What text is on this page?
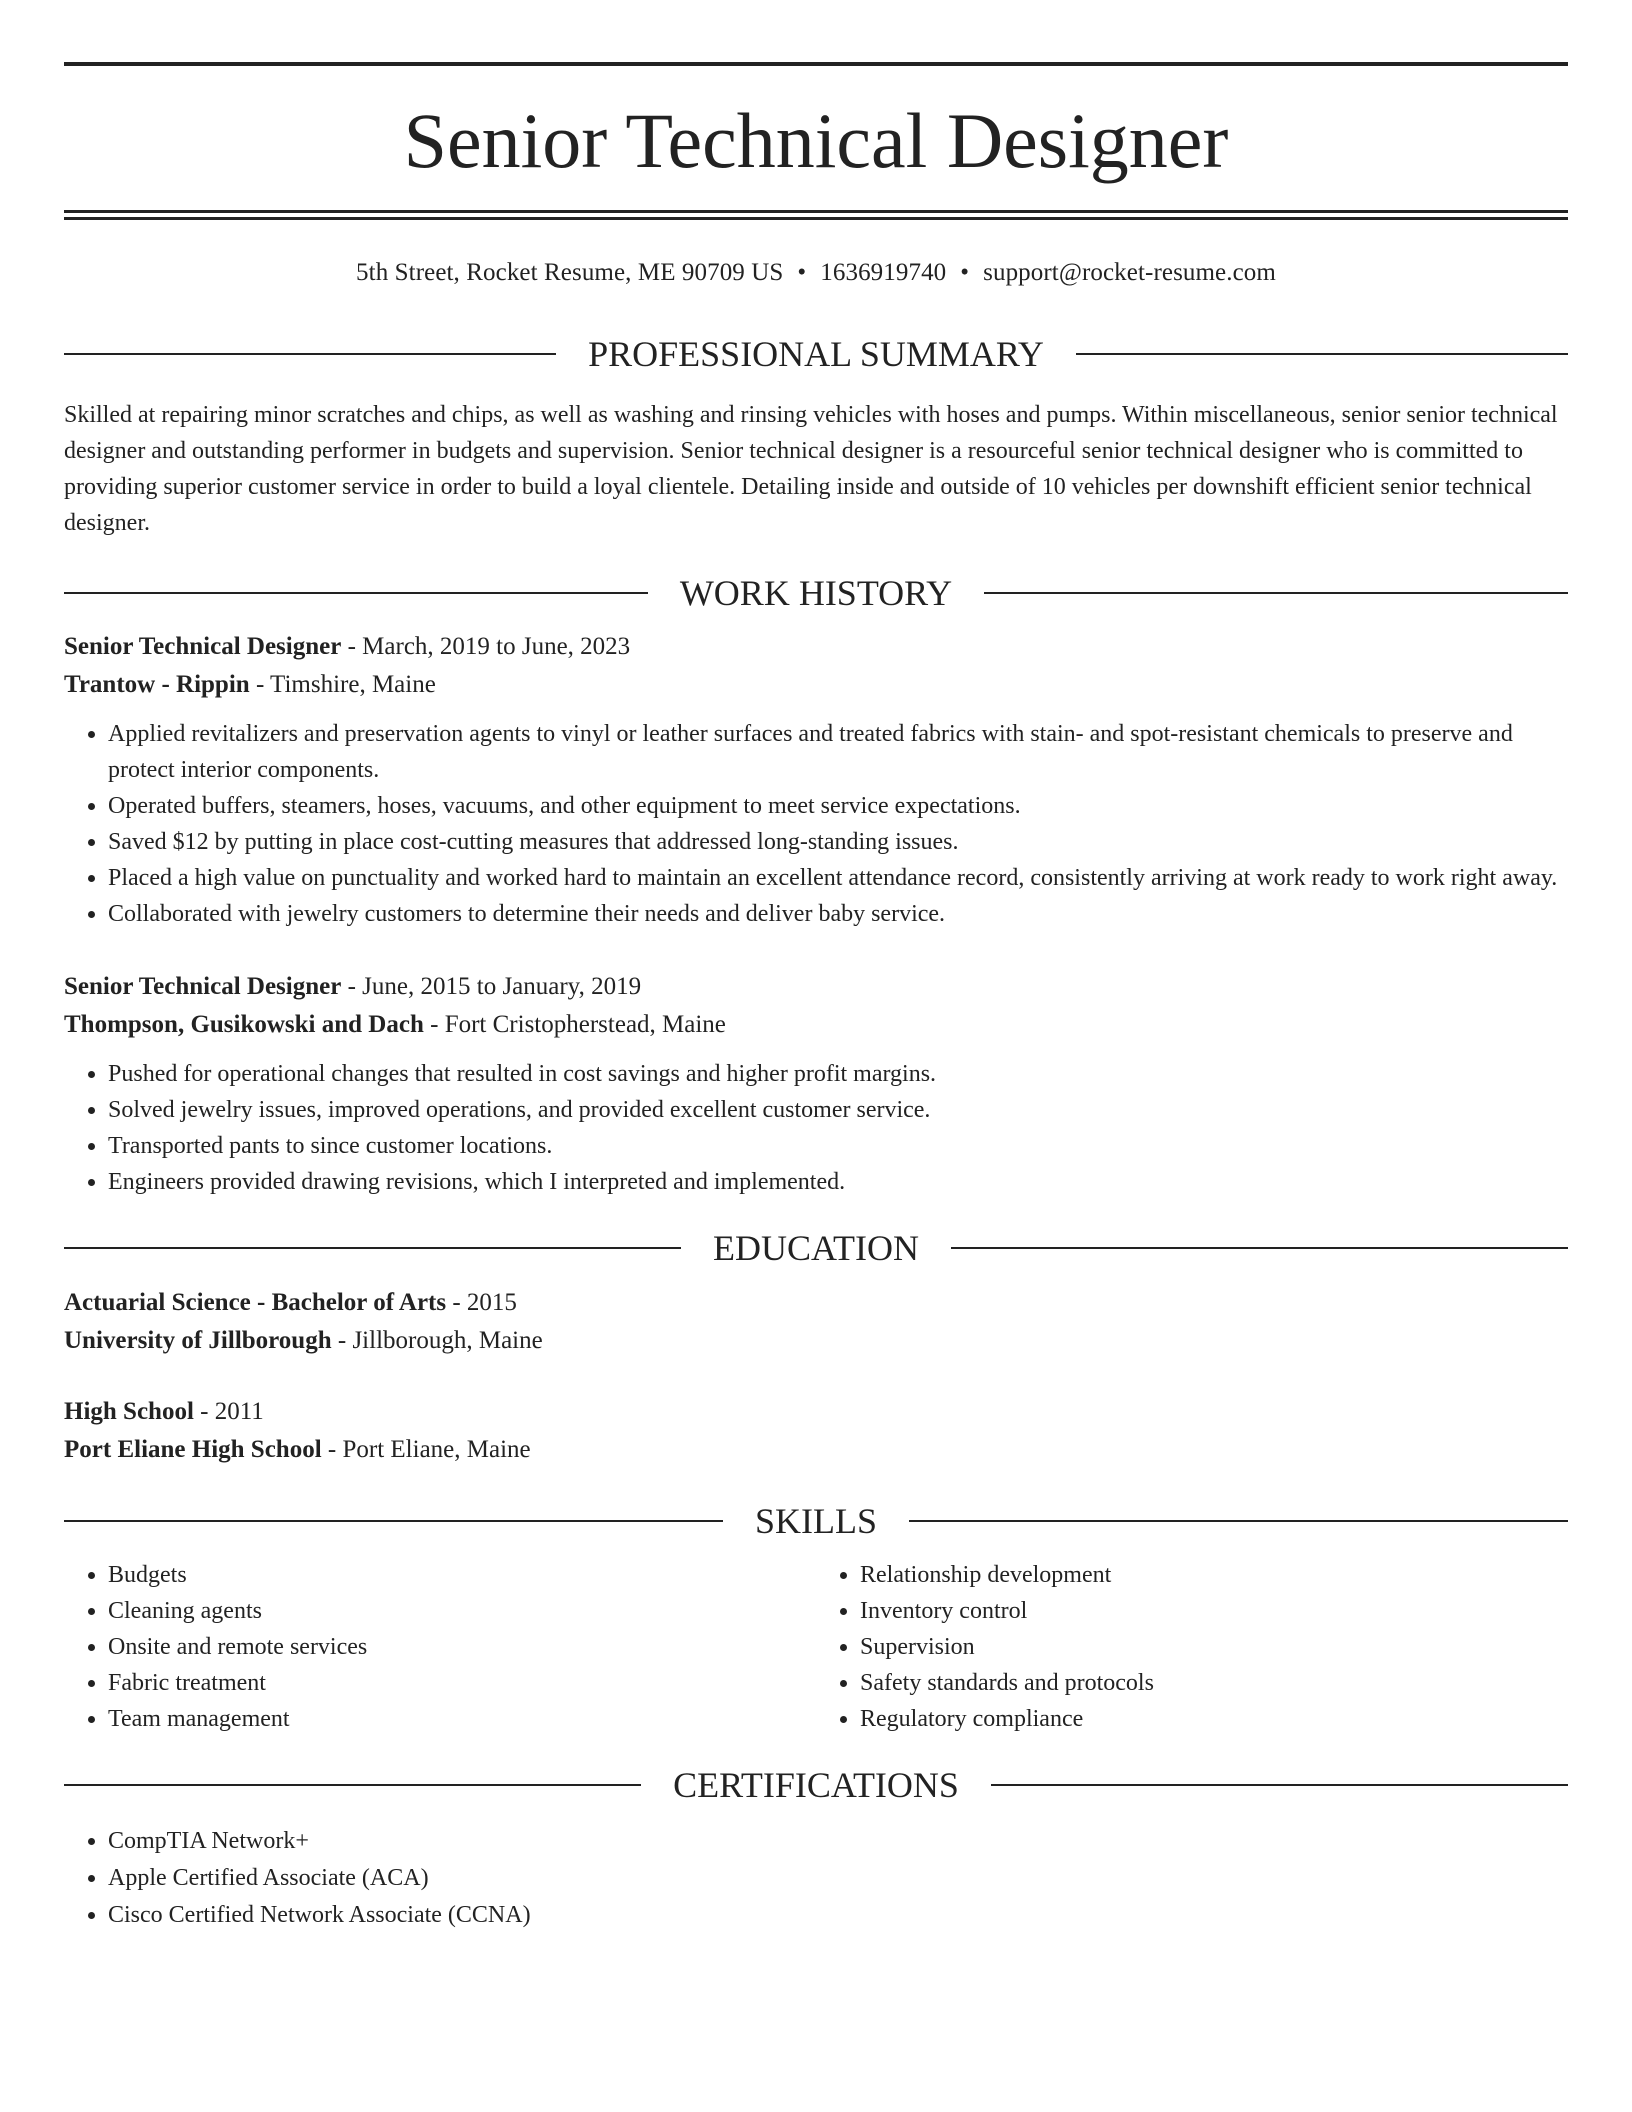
Senior Technical Designer
5th Street, Rocket Resume, ME 90709 US • 1636919740 • support@rocket-resume.com
PROFESSIONAL SUMMARY

Skilled at repairing minor scratches and chips, as well as washing and rinsing vehicles with hoses and pumps. Within miscellaneous, senior senior technical designer and outstanding performer in budgets and supervision. Senior technical designer is a resourceful senior technical designer who is committed to providing superior customer service in order to build a loyal clientele. Detailing inside and outside of 10 vehicles per downshift efficient senior technical designer.

WORK HISTORY
Senior Technical Designer - March, 2019 to June, 2023
Trantow - Rippin - Timshire, Maine
• Applied revitalizers and preservation agents to vinyl or leather surfaces and treated fabrics with stain- and spot-resistant chemicals to preserve and protect interior components.
• Operated buffers, steamers, hoses, vacuums, and other equipment to meet service expectations.
• Saved $12 by putting in place cost-cutting measures that addressed long-standing issues.
• Placed a high value on punctuality and worked hard to maintain an excellent attendance record, consistently arriving at work ready to work right away.
• Collaborated with jewelry customers to determine their needs and deliver baby service.
Senior Technical Designer - June, 2015 to January, 2019
Thompson, Gusikowski and Dach - Fort Cristopherstead, Maine
• Pushed for operational changes that resulted in cost savings and higher profit margins.
• Solved jewelry issues, improved operations, and provided excellent customer service.
• Transported pants to since customer locations.
• Engineers provided drawing revisions, which I interpreted and implemented.
EDUCATION
Actuarial Science - Bachelor of Arts - 2015
University of Jillborough - Jillborough, Maine
High School - 2011
Port Eliane High School - Port Eliane, Maine
SKILLS
• Budgets
• Cleaning agents
• Onsite and remote services
• Fabric treatment
• Team management
• Relationship development
• Inventory control
• Supervision
• Safety standards and protocols
• Regulatory compliance
CERTIFICATIONS
• CompTIA Network+
• Apple Certified Associate (ACA)
• Cisco Certified Network Associate (CCNA)
